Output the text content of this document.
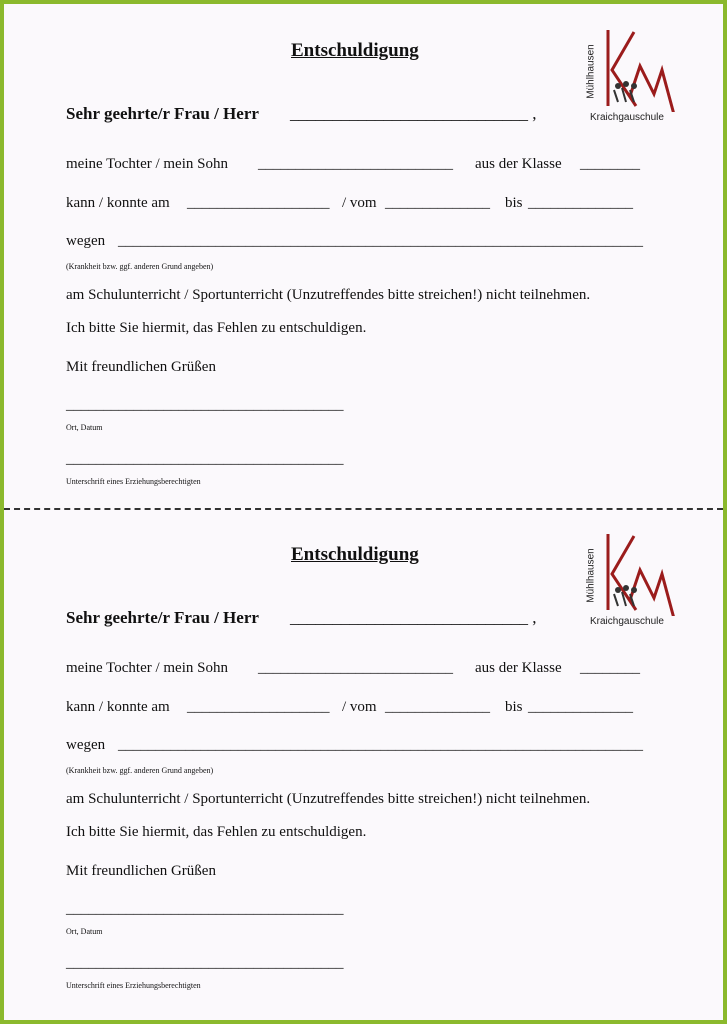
Entschuldigung	Mühlhausen
Kraichgauschule
Sehr geehrte/r Frau / Herr ____________________________ ,
meine Tochter / mein Sohn __________________________ aus der Klasse ________
kann / konnte am ___________________ / vom ______________ bis ______________
wegen ______________________________________________________________________
(Krankheit bzw. ggf. anderen Grund angeben)
am Schulunterricht / Sportunterricht (Unzutreffendes bitte streichen!) nicht teilnehmen.
Ich bitte Sie hiermit, das Fehlen zu entschuldigen.
Mit freundlichen Grüßen
_____________________________________
Ort, Datum
_____________________________________
Unterschrift eines Erziehungsberechtigten
Entschuldigung	Mühlhausen
Kraichgauschule
Sehr geehrte/r Frau / Herr ____________________________ ,
meine Tochter / mein Sohn __________________________ aus der Klasse ________
kann / konnte am ___________________ / vom ______________ bis ______________
wegen ______________________________________________________________________
(Krankheit bzw. ggf. anderen Grund angeben)
am Schulunterricht / Sportunterricht (Unzutreffendes bitte streichen!) nicht teilnehmen.
Ich bitte Sie hiermit, das Fehlen zu entschuldigen.
Mit freundlichen Grüßen
_____________________________________
Ort, Datum
_____________________________________
Unterschrift eines Erziehungsberechtigten
